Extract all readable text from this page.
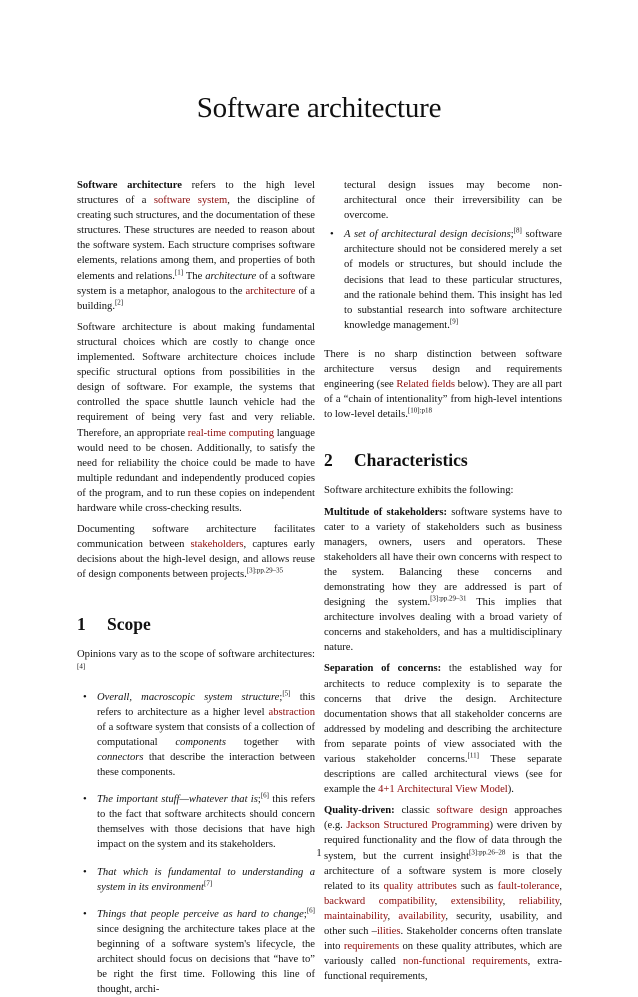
Software architecture

Software architecture refers to the high level structures of a software system, the discipline of creating such structures, and the documentation of these structures. These structures are needed to reason about the software system. Each structure comprises software elements, relations among them, and properties of both elements and relations.[1] The architecture of a software system is a metaphor, analogous to the architecture of a building.[2]

Software architecture is about making fundamental structural choices which are costly to change once implemented. Software architecture choices include specific structural options from possibilities in the design of software. For example, the systems that controlled the space shuttle launch vehicle had the requirement of being very fast and very reliable. Therefore, an appropriate real-time computing language would need to be chosen. Additionally, to satisfy the need for reliability the choice could be made to have multiple redundant and independently produced copies of the program, and to run these copies on independent hardware while cross-checking results.

Documenting software architecture facilitates communication between stakeholders, captures early decisions about the high-level design, and allows reuse of design components between projects.$^{[3]:pp.29-35}$

1 Scope

Opinions vary as to the scope of software architectures:[4]

• Overall, macroscopic system structure;[5] this refers to architecture as a higher level abstraction of a software system that consists of a collection of computational components together with connectors that describe the interaction between these components.
• The important stuff—whatever that is;[6] this refers to the fact that software architects should concern themselves with those decisions that have high impact on the system and its stakeholders.
• That which is fundamental to understanding a system in its environment[7]
• Things that people perceive as hard to change;[6] since designing the architecture takes place at the beginning of a software system's lifecycle, the architect should focus on decisions that “have to” be right the first time. Following this line of thought, archi-

tectural design issues may become non-architectural once their irreversibility can be overcome.

• A set of architectural design decisions;[8] software architecture should not be considered merely a set of models or structures, but should include the decisions that lead to these particular structures, and the rationale behind them. This insight has led to substantial research into software architecture knowledge management.[9]

There is no sharp distinction between software architecture versus design and requirements engineering (see Related fields below). They are all part of a “chain of intentionality” from high-level intentions to low-level details.$^{[10]:p18}$

2 Characteristics

Software architecture exhibits the following:

Multitude of stakeholders: software systems have to cater to a variety of stakeholders such as business managers, owners, users and operators. These stakeholders all have their own concerns with respect to the system. Balancing these concerns and demonstrating how they are addressed is part of designing the system.$^{[3]:pp.29-31}$ This implies that architecture involves dealing with a broad variety of concerns and stakeholders, and has a multidisciplinary nature.

Separation of concerns: the established way for architects to reduce complexity is to separate the concerns that drive the design. Architecture documentation shows that all stakeholder concerns are addressed by modeling and describing the architecture from separate points of view associated with the various stakeholder concerns.[11] These separate descriptions are called architectural views (see for example the 4+1 Architectural View Model).

Quality-driven: classic software design approaches (e.g. Jackson Structured Programming) were driven by required functionality and the flow of data through the system, but the current insight$^{[3]:pp.26-28}$ is that the architecture of a software system is more closely related to its quality attributes such as fault-tolerance, backward compatibility, extensibility, reliability, maintainability, availability, security, usability, and other such –ilities. Stakeholder concerns often translate into requirements on these quality attributes, which are variously called non-functional requirements, extra-functional requirements,

1
